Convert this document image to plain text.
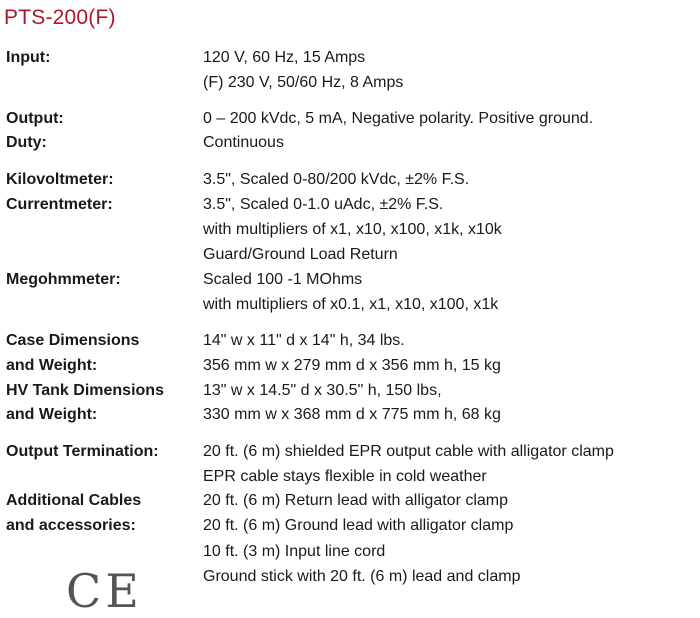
PTS-200(F)
Input:	120 V, 60 Hz, 15 Amps
(F) 230 V, 50/60 Hz, 8 Amps
Output:	0 – 200 kVdc, 5 mA, Negative polarity. Positive ground.
Duty:	Continuous
Kilovoltmeter:	3.5", Scaled 0-80/200 kVdc, ±2% F.S.
Currentmeter:	3.5", Scaled 0-1.0 uAdc, ±2% F.S.
with multipliers of x1, x10, x100, x1k, x10k
Guard/Ground Load Return
Megohmmeter:	Scaled 100 -1 MOhms
with multipliers of x0.1, x1, x10, x100, x1k
Case Dimensions	14" w x 11" d x 14" h, 34 lbs.
and Weight:	356 mm w x 279 mm d x 356 mm h, 15 kg
HV Tank Dimensions 13" w x 14.5" d x 30.5" h, 150 lbs,
and Weight:	330 mm w x 368 mm d x 775 mm h, 68 kg
Output Termination:	20 ft. (6 m) shielded EPR output cable with alligator clamp
EPR cable stays flexible in cold weather
Additional Cables	20 ft. (6 m) Return lead with alligator clamp
and accessories:	20 ft. (6 m) Ground lead with alligator clamp
10 ft. (3 m) Input line cord
Ground stick with 20 ft. (6 m) lead and clamp
CE
